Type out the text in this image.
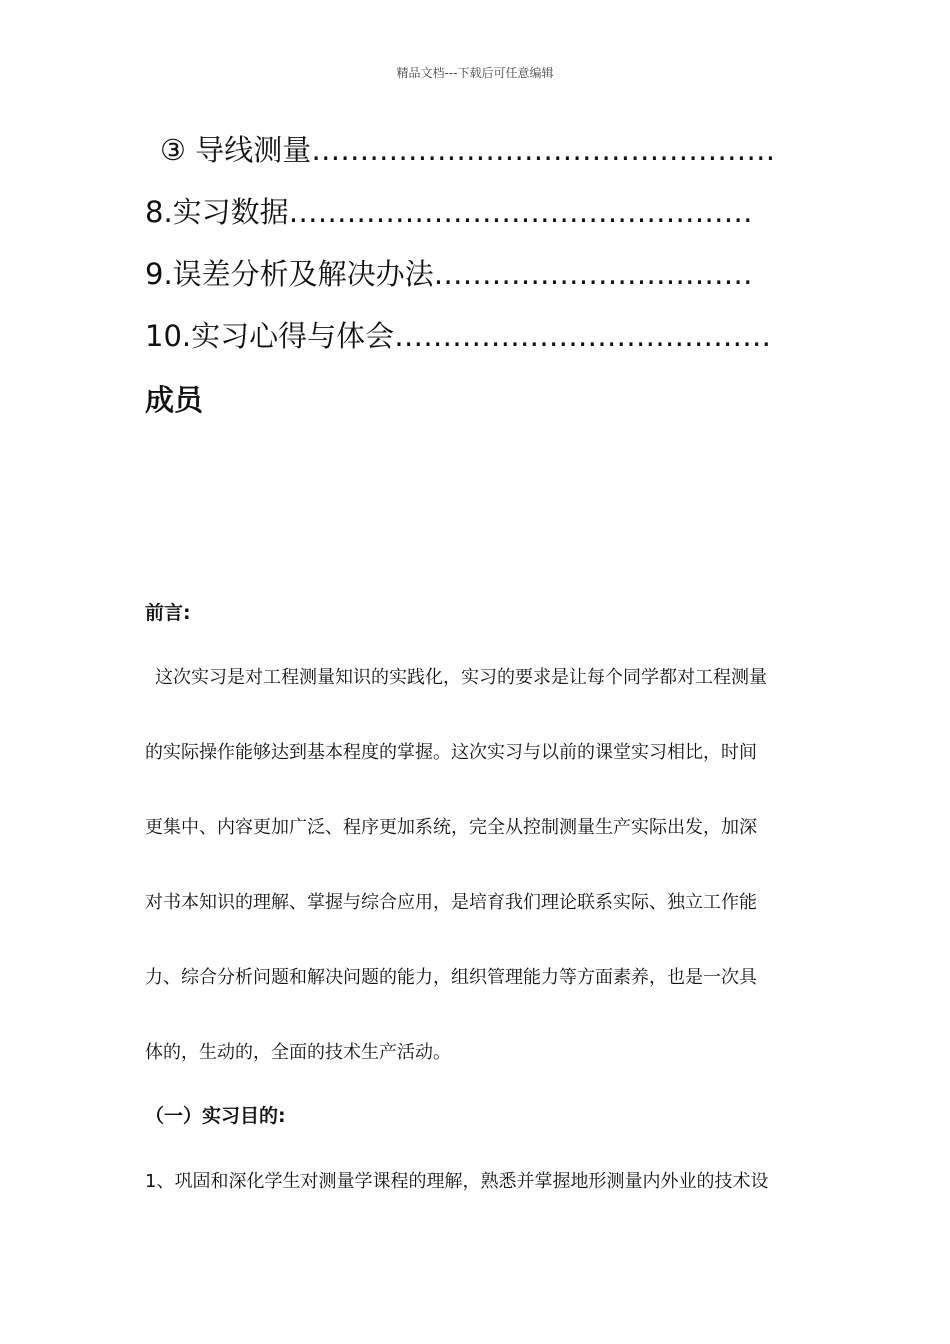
精品文档---下载后可任意编辑
③ 导线测量…………………………………………
8.实习数据…………………………………………
9.误差分析及解决办法……………………………
10.实习心得与体会…………………………………
成员
前言:
这次实习是对工程测量知识的实践化，实习的要求是让每个同学都对工程测量
的实际操作能够达到基本程度的掌握。这次实习与以前的课堂实习相比，时间
更集中、内容更加广泛、程序更加系统，完全从控制测量生产实际出发，加深
对书本知识的理解、掌握与综合应用，是培育我们理论联系实际、独立工作能
力、综合分析问题和解决问题的能力，组织管理能力等方面素养，也是一次具
体的，生动的，全面的技术生产活动。
（一）实习目的:
1、巩固和深化学生对测量学课程的理解，熟悉并掌握地形测量内外业的技术设
